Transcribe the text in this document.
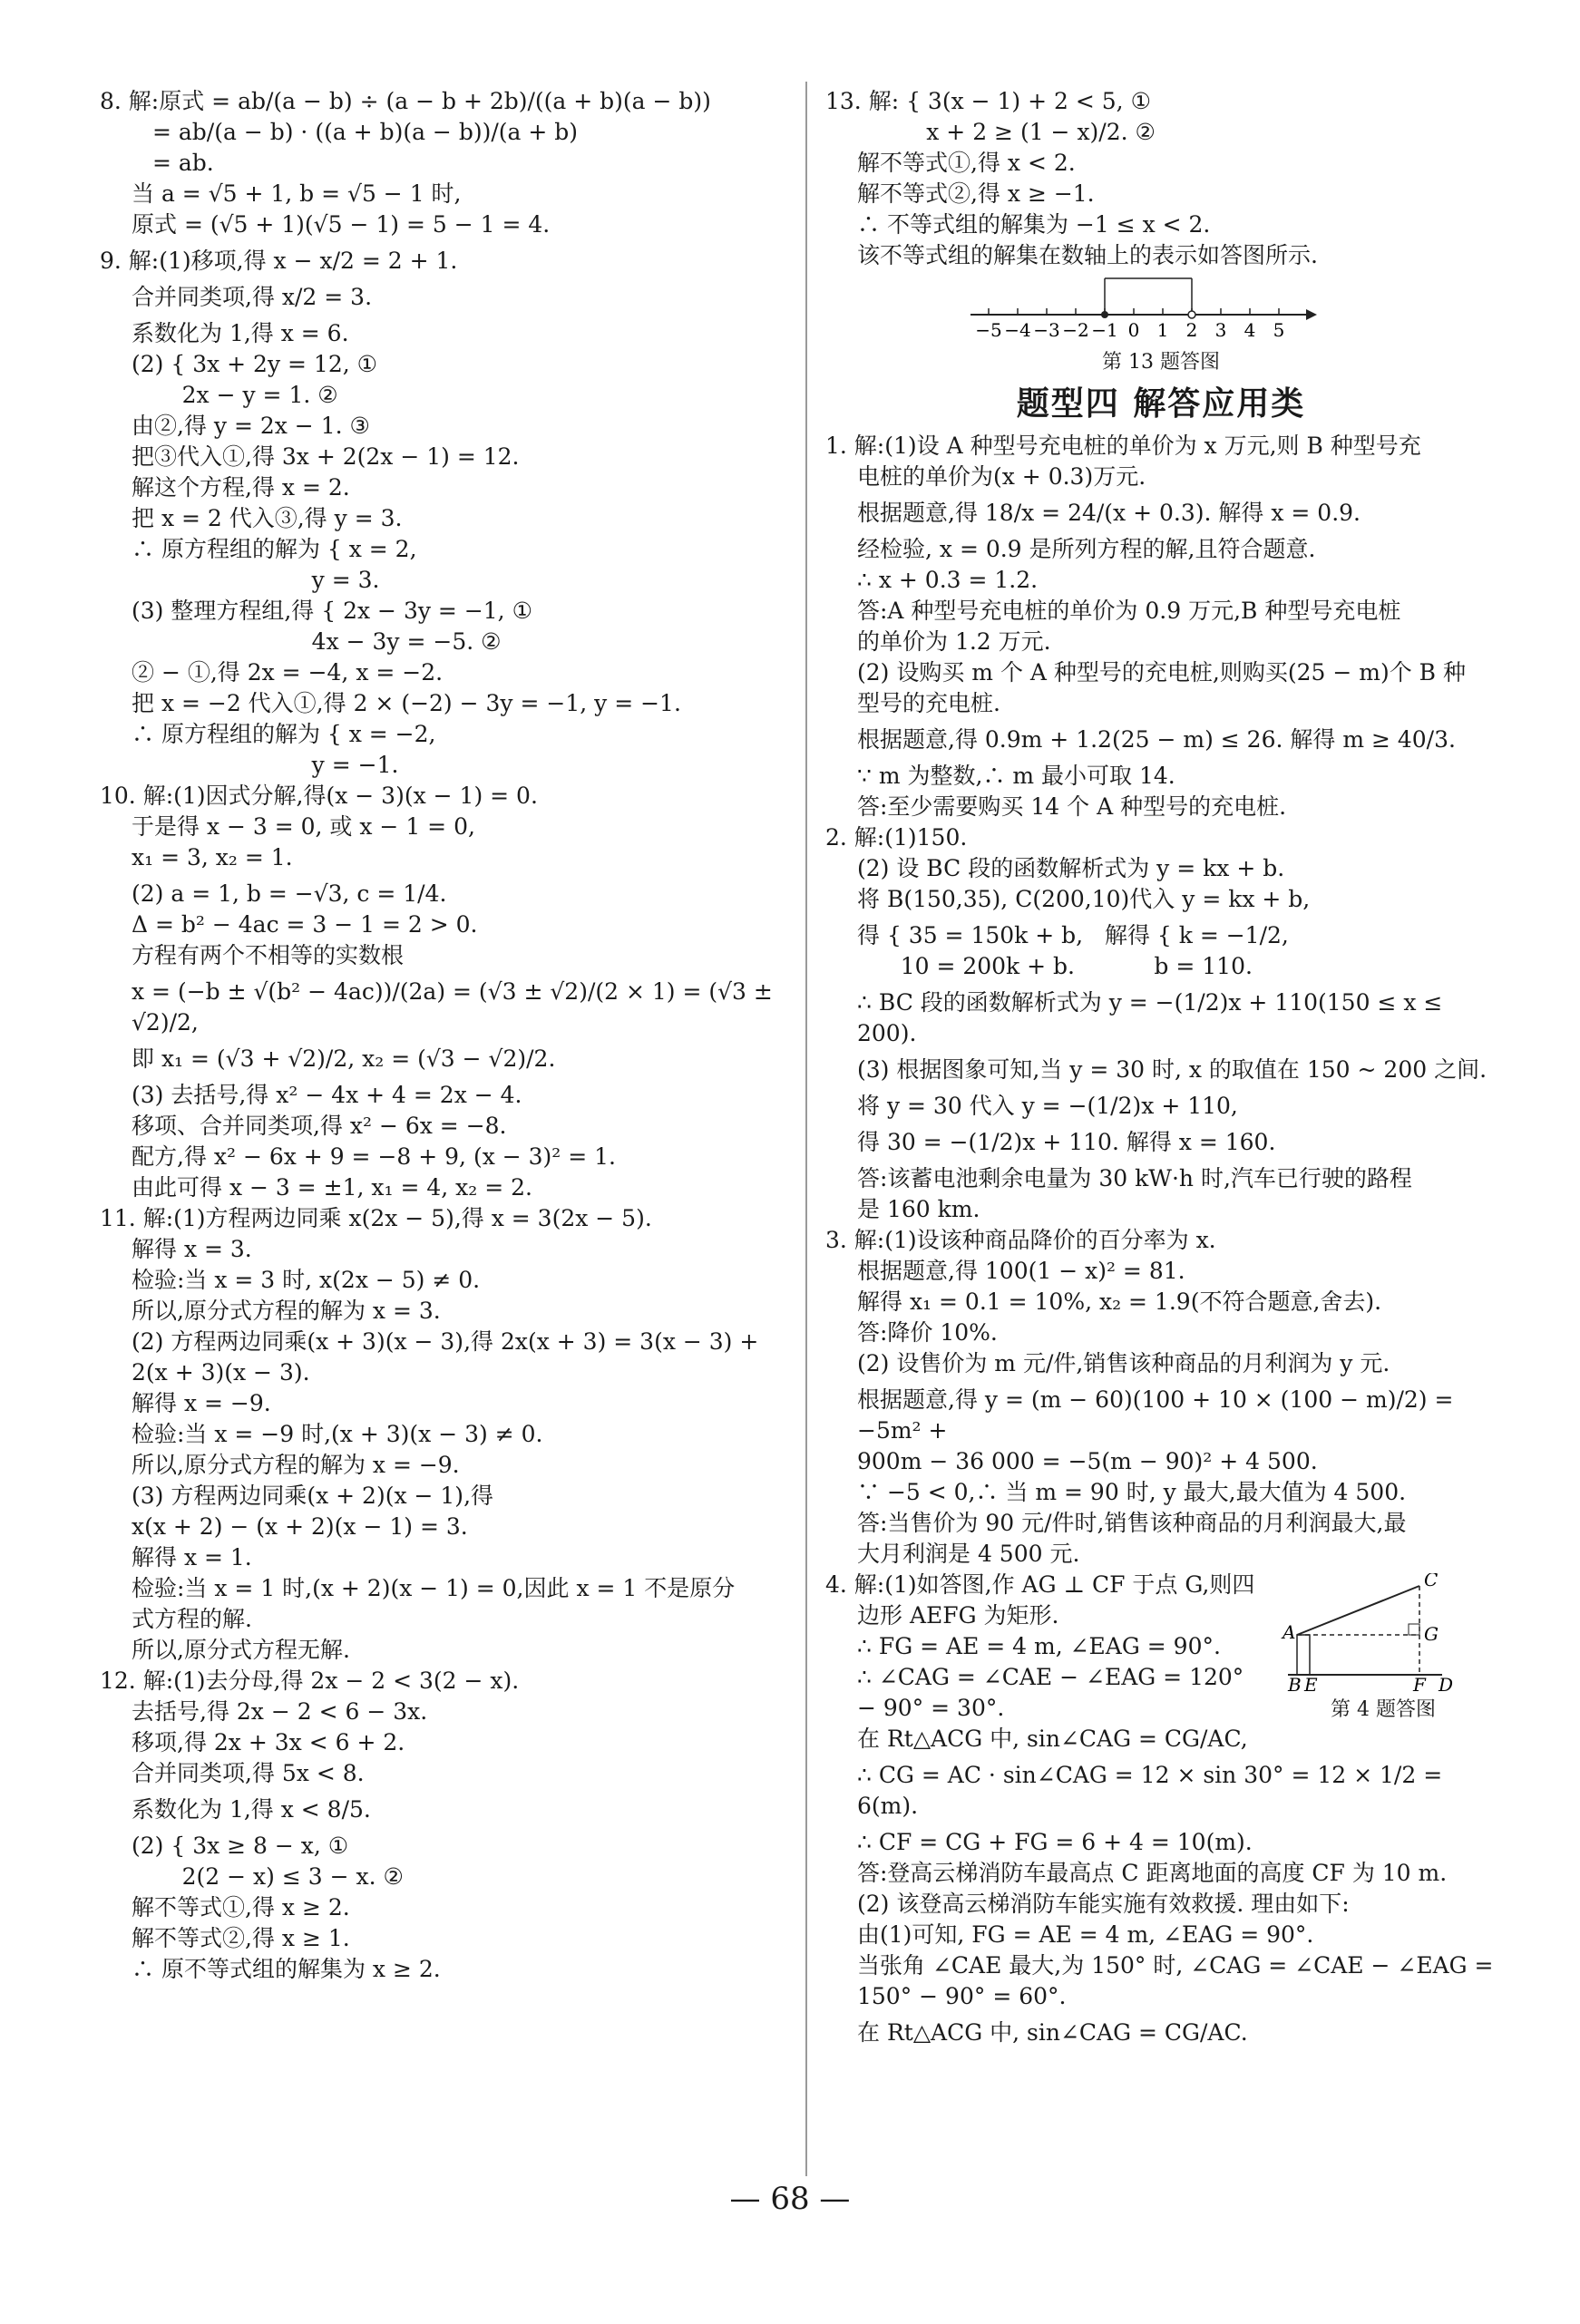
8. 解:原式 = ab/(a − b) ÷ (a − b + 2b)/((a + b)(a − b))
= ab/(a − b) · ((a + b)(a − b))/(a + b)
= ab.
当 a = √5 + 1, b = √5 − 1 时,
原式 = (√5 + 1)(√5 − 1) = 5 − 1 = 4.
9. 解:(1)移项,得 x − x/2 = 2 + 1.
合并同类项,得 x/2 = 3.
系数化为 1,得 x = 6.
(2) { 3x + 2y = 12, ①
2x − y = 1. ②
由②,得 y = 2x − 1. ③
把③代入①,得 3x + 2(2x − 1) = 12.
解这个方程,得 x = 2.
把 x = 2 代入③,得 y = 3.
∴ 原方程组的解为 { x = 2,
y = 3.
(3) 整理方程组,得 { 2x − 3y = −1, ①
4x − 3y = −5. ②
② − ①,得 2x = −4, x = −2.
把 x = −2 代入①,得 2 × (−2) − 3y = −1, y = −1.
∴ 原方程组的解为 { x = −2,
y = −1.
10. 解:(1)因式分解,得(x − 3)(x − 1) = 0.
于是得 x − 3 = 0, 或 x − 1 = 0,
x₁ = 3, x₂ = 1.
(2) a = 1, b = −√3, c = 1/4.
Δ = b² − 4ac = 3 − 1 = 2 > 0.
方程有两个不相等的实数根
x = (−b ± √(b² − 4ac))/(2a) = (√3 ± √2)/(2 × 1) = (√3 ± √2)/2,
即 x₁ = (√3 + √2)/2, x₂ = (√3 − √2)/2.
(3) 去括号,得 x² − 4x + 4 = 2x − 4.
移项、合并同类项,得 x² − 6x = −8.
配方,得 x² − 6x + 9 = −8 + 9, (x − 3)² = 1.
由此可得 x − 3 = ±1, x₁ = 4, x₂ = 2.
11. 解:(1)方程两边同乘 x(2x − 5),得 x = 3(2x − 5).
解得 x = 3.
检验:当 x = 3 时, x(2x − 5) ≠ 0.
所以,原分式方程的解为 x = 3.
(2) 方程两边同乘(x + 3)(x − 3),得 2x(x + 3) = 3(x − 3) +
2(x + 3)(x − 3).
解得 x = −9.
检验:当 x = −9 时,(x + 3)(x − 3) ≠ 0.
所以,原分式方程的解为 x = −9.
(3) 方程两边同乘(x + 2)(x − 1),得
x(x + 2) − (x + 2)(x − 1) = 3.
解得 x = 1.
检验:当 x = 1 时,(x + 2)(x − 1) = 0,因此 x = 1 不是原分
式方程的解.
所以,原分式方程无解.
12. 解:(1)去分母,得 2x − 2 < 3(2 − x).
去括号,得 2x − 2 < 6 − 3x.
移项,得 2x + 3x < 6 + 2.
合并同类项,得 5x < 8.
系数化为 1,得 x < 8/5.
(2) { 3x ≥ 8 − x, ①
2(2 − x) ≤ 3 − x. ②
解不等式①,得 x ≥ 2.
解不等式②,得 x ≥ 1.
∴ 原不等式组的解集为 x ≥ 2.
13. 解: { 3(x − 1) + 2 < 5, ①
x + 2 ≥ (1 − x)/2. ②
解不等式①,得 x < 2.
解不等式②,得 x ≥ −1.
∴ 不等式组的解集为 −1 ≤ x < 2.
该不等式组的解集在数轴上的表示如答图所示.
−5 −4 −3 −2 −1 0 1 2 3 4 5
第 13 题答图
题型四 解答应用类
1. 解:(1)设 A 种型号充电桩的单价为 x 万元,则 B 种型号充
电桩的单价为(x + 0.3)万元.
根据题意,得 18/x = 24/(x + 0.3). 解得 x = 0.9.
经检验, x = 0.9 是所列方程的解,且符合题意.
∴ x + 0.3 = 1.2.
答:A 种型号充电桩的单价为 0.9 万元,B 种型号充电桩
的单价为 1.2 万元.
(2) 设购买 m 个 A 种型号的充电桩,则购买(25 − m)个 B 种
型号的充电桩.
根据题意,得 0.9m + 1.2(25 − m) ≤ 26. 解得 m ≥ 40/3.
∵ m 为整数,∴ m 最小可取 14.
答:至少需要购买 14 个 A 种型号的充电桩.
2. 解:(1)150.
(2) 设 BC 段的函数解析式为 y = kx + b.
将 B(150,35), C(200,10)代入 y = kx + b,
得 { 35 = 150k + b,   解得 { k = −1/2,
10 = 200k + b.           b = 110.
∴ BC 段的函数解析式为 y = −(1/2)x + 110(150 ≤ x ≤ 200).
(3) 根据图象可知,当 y = 30 时, x 的取值在 150 ~ 200 之间.
将 y = 30 代入 y = −(1/2)x + 110,
得 30 = −(1/2)x + 110. 解得 x = 160.
答:该蓄电池剩余电量为 30 kW·h 时,汽车已行驶的路程
是 160 km.
3. 解:(1)设该种商品降价的百分率为 x.
根据题意,得 100(1 − x)² = 81.
解得 x₁ = 0.1 = 10%, x₂ = 1.9(不符合题意,舍去).
答:降价 10%.
(2) 设售价为 m 元/件,销售该种商品的月利润为 y 元.
根据题意,得 y = (m − 60)(100 + 10 × (100 − m)/2) = −5m² +
900m − 36 000 = −5(m − 90)² + 4 500.
∵ −5 < 0,∴ 当 m = 90 时, y 最大,最大值为 4 500.
答:当售价为 90 元/件时,销售该种商品的月利润最大,最
大月利润是 4 500 元.
A
C
G
B E	F D
第 4 题答图
4. 解:(1)如答图,作 AG ⊥ CF 于点 G,则四
边形 AEFG 为矩形.
∴ FG = AE = 4 m, ∠EAG = 90°.
∴ ∠CAG = ∠CAE − ∠EAG = 120° − 90° = 30°.
在 Rt△ACG 中, sin∠CAG = CG/AC,
∴ CG = AC · sin∠CAG = 12 × sin 30° = 12 × 1/2 = 6(m).
∴ CF = CG + FG = 6 + 4 = 10(m).
答:登高云梯消防车最高点 C 距离地面的高度 CF 为 10 m.
(2) 该登高云梯消防车能实施有效救援. 理由如下:
由(1)可知, FG = AE = 4 m, ∠EAG = 90°.
当张角 ∠CAE 最大,为 150° 时, ∠CAG = ∠CAE − ∠EAG =
150° − 90° = 60°.
在 Rt△ACG 中, sin∠CAG = CG/AC.
— 68 —
